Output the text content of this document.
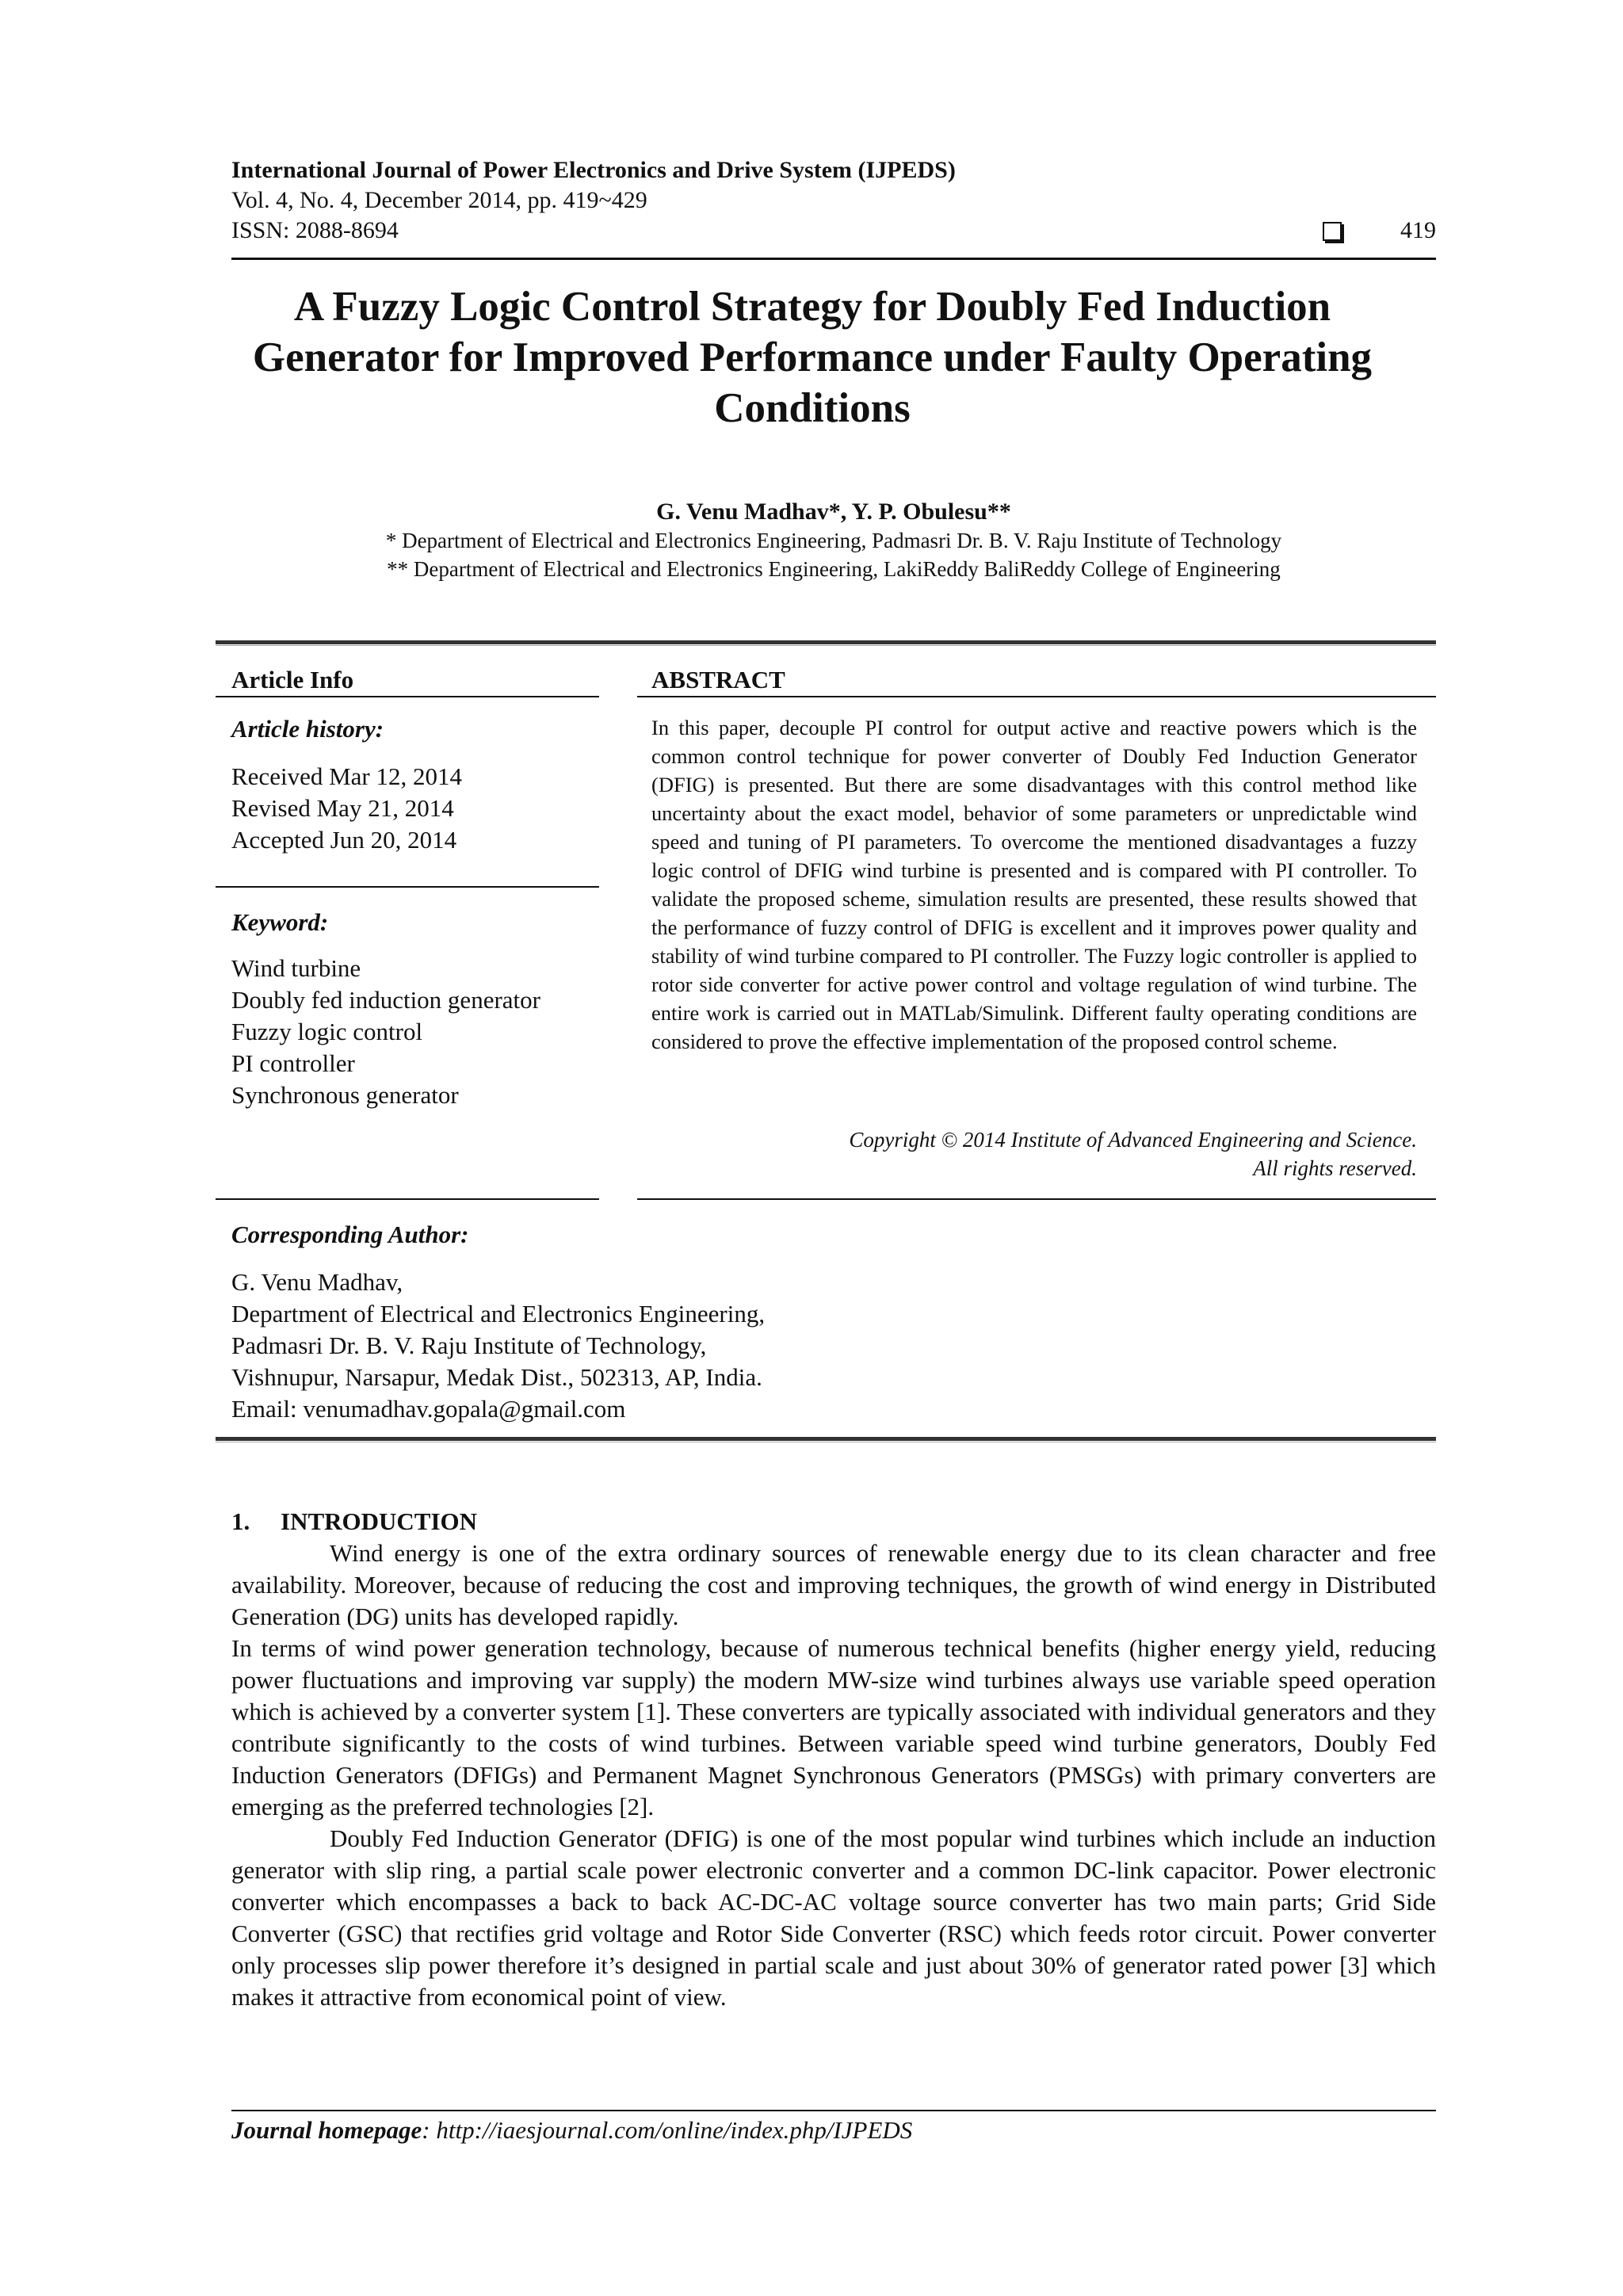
International Journal of Power Electronics and Drive System (IJPEDS)
Vol. 4, No. 4, December 2014, pp. 419~429
ISSN: 2088-8694	419
A Fuzzy Logic Control Strategy for Doubly Fed Induction
Generator for Improved Performance under Faulty Operating
Conditions
G. Venu Madhav*, Y. P. Obulesu**
* Department of Electrical and Electronics Engineering, Padmasri Dr. B. V. Raju Institute of Technology
** Department of Electrical and Electronics Engineering, LakiReddy BaliReddy College of Engineering
Article Info
Article history:
Received Mar 12, 2014
Revised May 21, 2014
Accepted Jun 20, 2014
Keyword:
Wind turbine
Doubly fed induction generator
Fuzzy logic control
PI controller
Synchronous generator
ABSTRACT
In this paper, decouple PI control for output active and reactive powers which is the common control technique for power converter of Doubly Fed Induction Generator (DFIG) is presented. But there are some disadvantages with this control method like uncertainty about the exact model, behavior of some parameters or unpredictable wind speed and tuning of PI parameters. To overcome the mentioned disadvantages a fuzzy logic control of DFIG wind turbine is presented and is compared with PI controller. To validate the proposed scheme, simulation results are presented, these results showed that the performance of fuzzy control of DFIG is excellent and it improves power quality and stability of wind turbine compared to PI controller. The Fuzzy logic controller is applied to rotor side converter for active power control and voltage regulation of wind turbine. The entire work is carried out in MATLab/Simulink. Different faulty operating conditions are considered to prove the effective implementation of the proposed control scheme.
Copyright © 2014 Institute of Advanced Engineering and Science.
All rights reserved.
Corresponding Author:
G. Venu Madhav,
Department of Electrical and Electronics Engineering,
Padmasri Dr. B. V. Raju Institute of Technology,
Vishnupur, Narsapur, Medak Dist., 502313, AP, India.
Email: venumadhav.gopala@gmail.com
1. INTRODUCTION

Wind energy is one of the extra ordinary sources of renewable energy due to its clean character and free availability. Moreover, because of reducing the cost and improving techniques, the growth of wind energy in Distributed Generation (DG) units has developed rapidly.

In terms of wind power generation technology, because of numerous technical benefits (higher energy yield, reducing power fluctuations and improving var supply) the modern MW-size wind turbines always use variable speed operation which is achieved by a converter system [1]. These converters are typically associated with individual generators and they contribute significantly to the costs of wind turbines. Between variable speed wind turbine generators, Doubly Fed Induction Generators (DFIGs) and Permanent Magnet Synchronous Generators (PMSGs) with primary converters are emerging as the preferred technologies [2].

Doubly Fed Induction Generator (DFIG) is one of the most popular wind turbines which include an induction generator with slip ring, a partial scale power electronic converter and a common DC-link capacitor. Power electronic converter which encompasses a back to back AC-DC-AC voltage source converter has two main parts; Grid Side Converter (GSC) that rectifies grid voltage and Rotor Side Converter (RSC) which feeds rotor circuit. Power converter only processes slip power therefore it’s designed in partial scale and just about 30% of generator rated power [3] which makes it attractive from economical point of view.

Journal homepage: http://iaesjournal.com/online/index.php/IJPEDS
